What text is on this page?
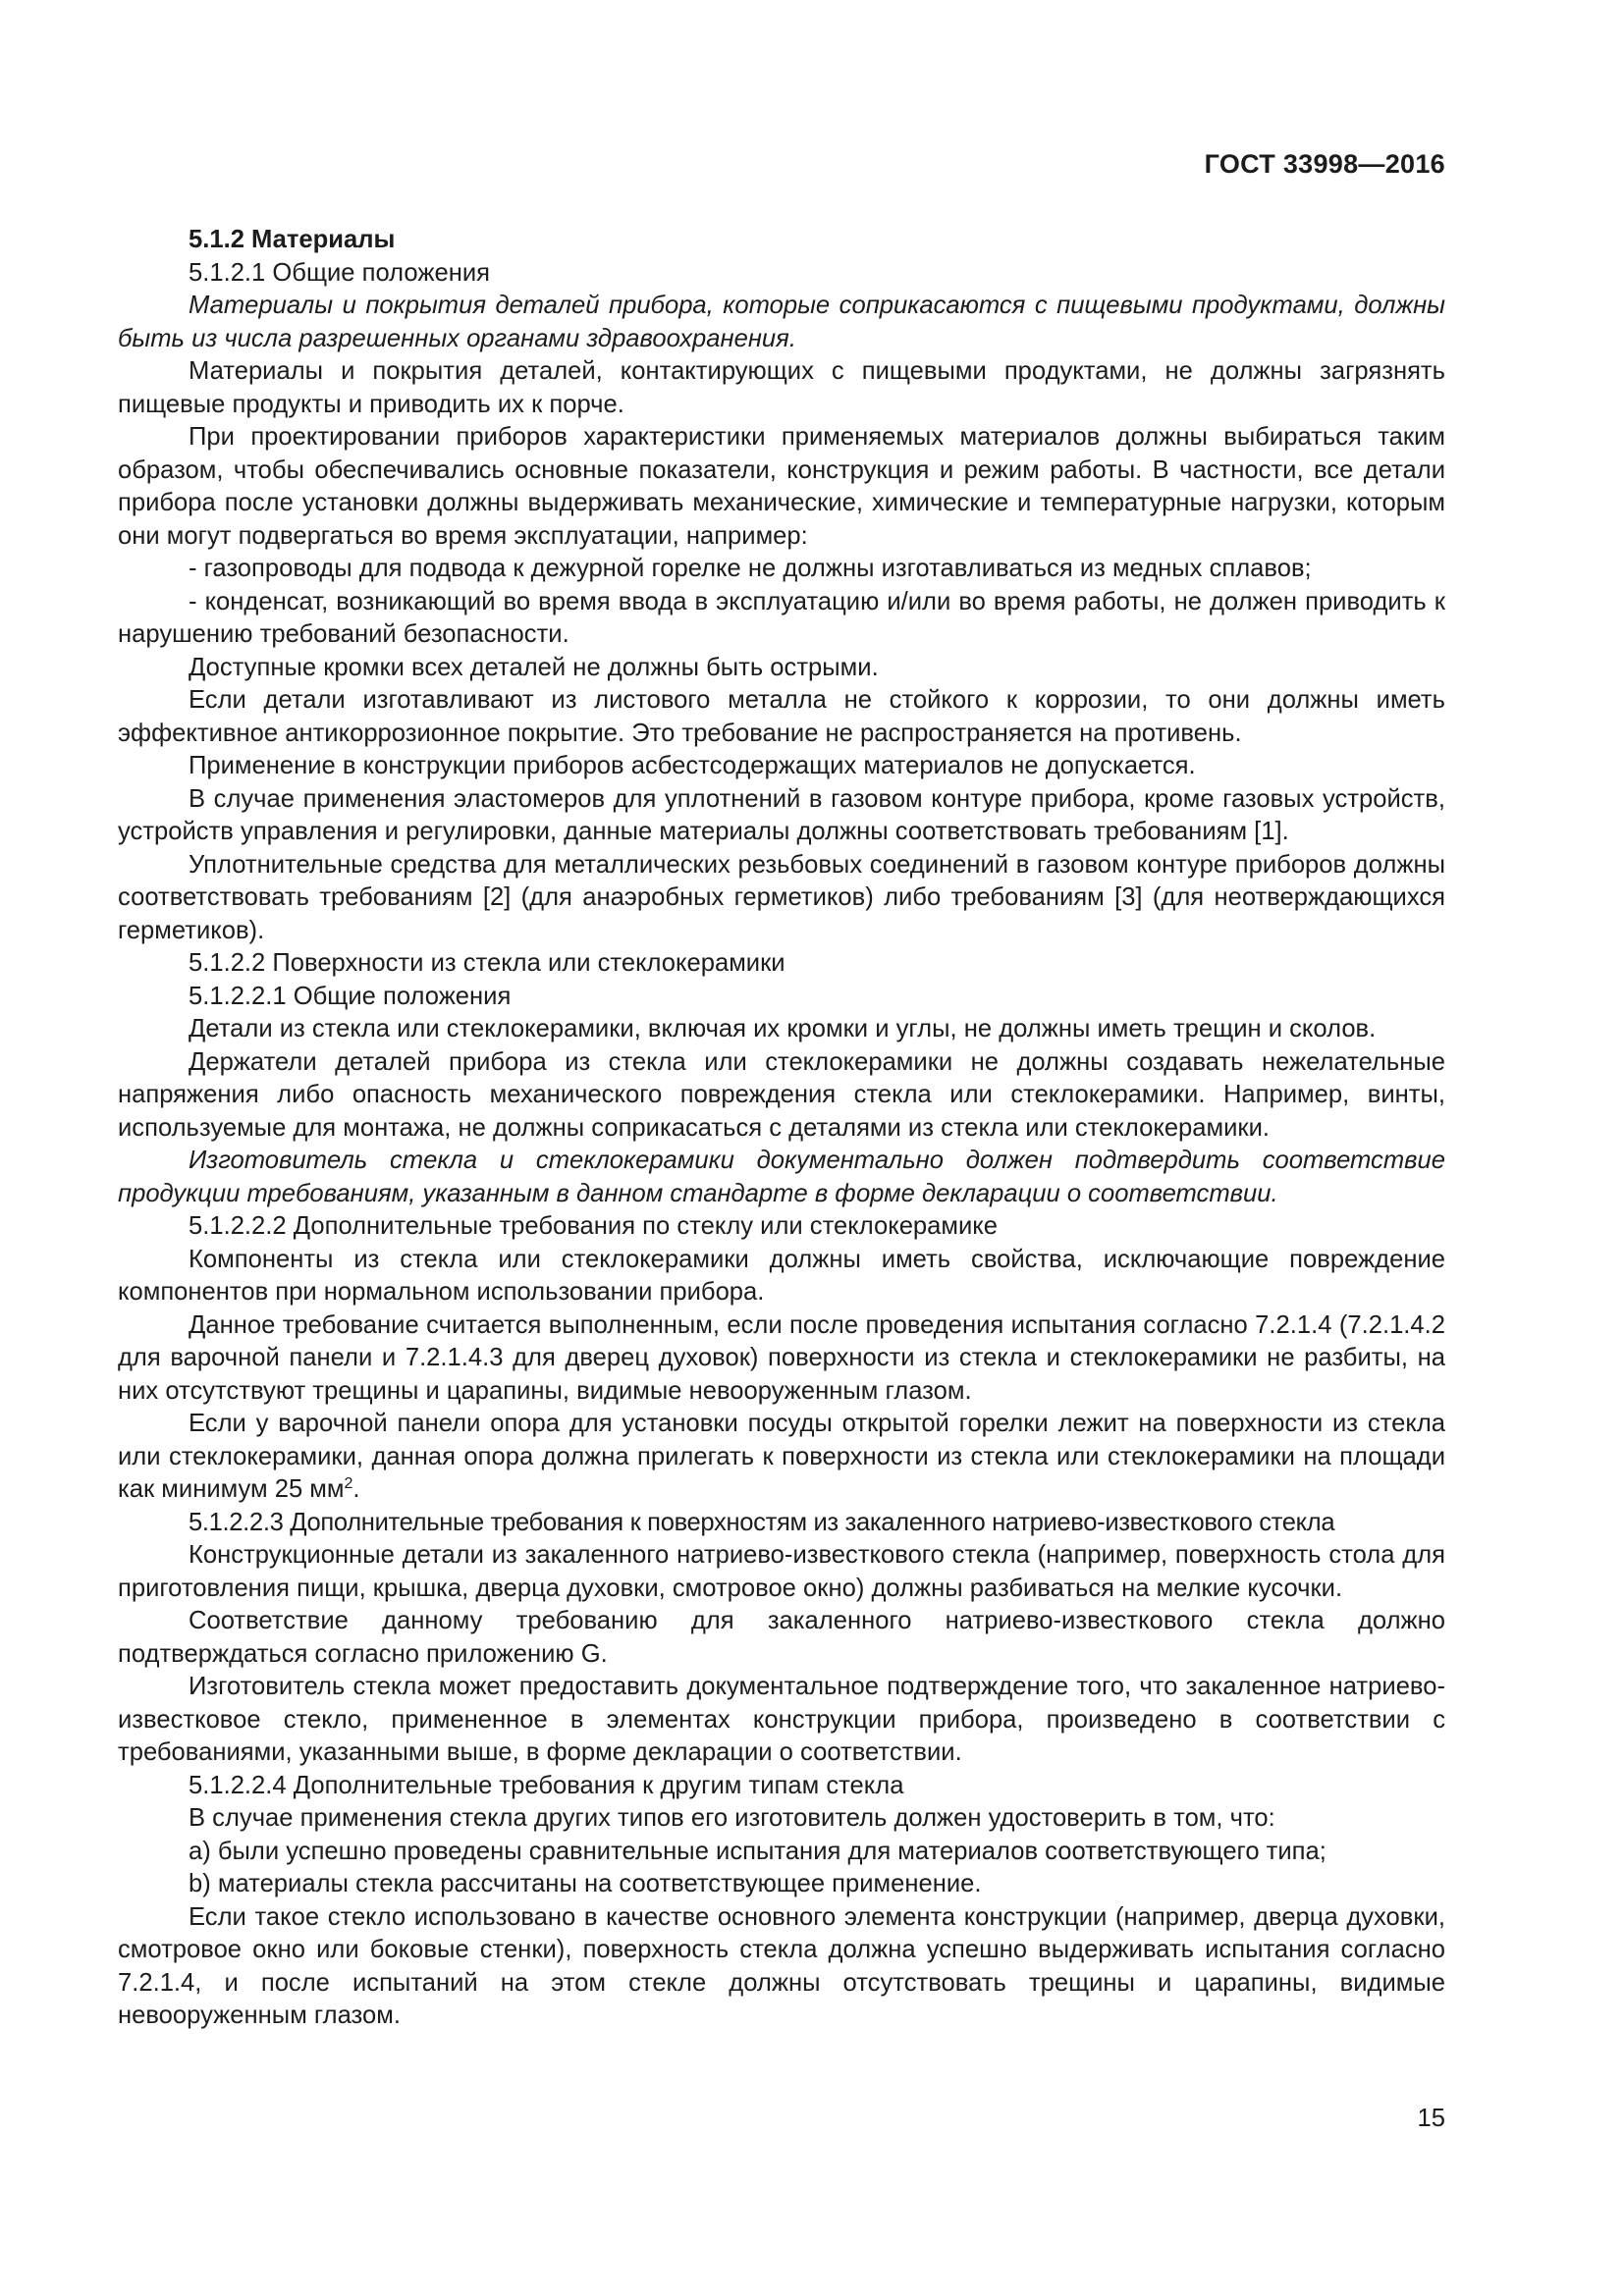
ГОСТ 33998—2016

5.1.2 Материалы

5.1.2.1 Общие положения

Материалы и покрытия деталей прибора, которые соприкасаются с пищевыми продуктами, должны быть из числа разрешенных органами здравоохранения.

Материалы и покрытия деталей, контактирующих с пищевыми продуктами, не должны загрязнять пищевые продукты и приводить их к порче.

При проектировании приборов характеристики применяемых материалов должны выбираться таким образом, чтобы обеспечивались основные показатели, конструкция и режим работы. В частности, все детали прибора после установки должны выдерживать механические, химические и температурные нагрузки, которым они могут подвергаться во время эксплуатации, например:

- газопроводы для подвода к дежурной горелке не должны изготавливаться из медных сплавов;

- конденсат, возникающий во время ввода в эксплуатацию и/или во время работы, не должен приводить к нарушению требований безопасности.

Доступные кромки всех деталей не должны быть острыми.

Если детали изготавливают из листового металла не стойкого к коррозии, то они должны иметь эффективное антикоррозионное покрытие. Это требование не распространяется на противень.

Применение в конструкции приборов асбестсодержащих материалов не допускается.

В случае применения эластомеров для уплотнений в газовом контуре прибора, кроме газовых устройств, устройств управления и регулировки, данные материалы должны соответствовать требованиям [1].

Уплотнительные средства для металлических резьбовых соединений в газовом контуре приборов должны соответствовать требованиям [2] (для анаэробных герметиков) либо требованиям [3] (для неотверждающихся герметиков).

5.1.2.2 Поверхности из стекла или стеклокерамики

5.1.2.2.1 Общие положения

Детали из стекла или стеклокерамики, включая их кромки и углы, не должны иметь трещин и сколов.

Держатели деталей прибора из стекла или стеклокерамики не должны создавать нежелательные напряжения либо опасность механического повреждения стекла или стеклокерамики. Например, винты, используемые для монтажа, не должны соприкасаться с деталями из стекла или стеклокерамики.

Изготовитель стекла и стеклокерамики документально должен подтвердить соответствие продукции требованиям, указанным в данном стандарте в форме декларации о соответствии.

5.1.2.2.2 Дополнительные требования по стеклу или стеклокерамике

Компоненты из стекла или стеклокерамики должны иметь свойства, исключающие повреждение компонентов при нормальном использовании прибора.

Данное требование считается выполненным, если после проведения испытания согласно 7.2.1.4 (7.2.1.4.2 для варочной панели и 7.2.1.4.3 для дверец духовок) поверхности из стекла и стеклокерамики не разбиты, на них отсутствуют трещины и царапины, видимые невооруженным глазом.

Если у варочной панели опора для установки посуды открытой горелки лежит на поверхности из стекла или стеклокерамики, данная опора должна прилегать к поверхности из стекла или стеклокерамики на площади как минимум 25 $мм^2$.

5.1.2.2.3 Дополнительные требования к поверхностям из закаленного натриево-известкового стекла

Конструкционные детали из закаленного натриево-известкового стекла (например, поверхность стола для приготовления пищи, крышка, дверца духовки, смотровое окно) должны разбиваться на мелкие кусочки.

Соответствие данному требованию для закаленного натриево-известкового стекла должно подтверждаться согласно приложению G.

Изготовитель стекла может предоставить документальное подтверждение того, что закаленное натриево-известковое стекло, примененное в элементах конструкции прибора, произведено в соответствии с требованиями, указанными выше, в форме декларации о соответствии.

5.1.2.2.4 Дополнительные требования к другим типам стекла

В случае применения стекла других типов его изготовитель должен удостоверить в том, что:

a) были успешно проведены сравнительные испытания для материалов соответствующего типа;

b) материалы стекла рассчитаны на соответствующее применение.

Если такое стекло использовано в качестве основного элемента конструкции (например, дверца духовки, смотровое окно или боковые стенки), поверхность стекла должна успешно выдерживать испытания согласно 7.2.1.4, и после испытаний на этом стекле должны отсутствовать трещины и царапины, видимые невооруженным глазом.

15
